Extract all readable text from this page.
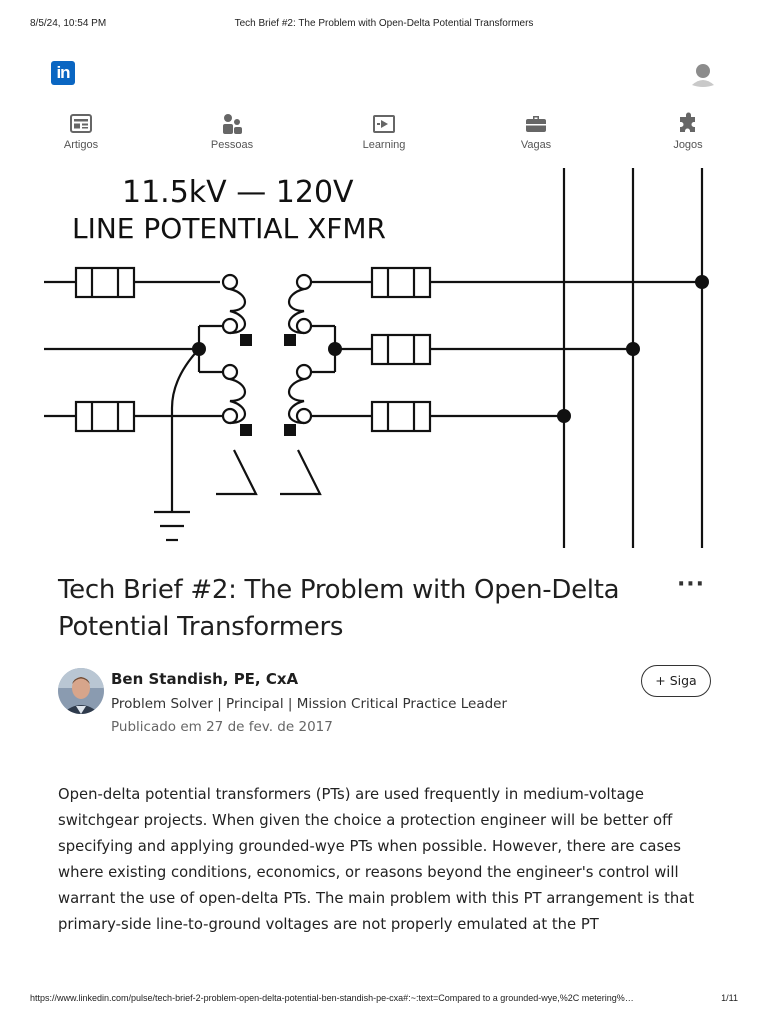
8/5/24, 10:54 PM	Tech Brief #2: The Problem with Open-Delta Potential Transformers
in
Artigos	Pessoas	Learning	Vagas	Jogos
11.5kV — 120V
LINE POTENTIAL XFMR
Tech Brief #2: The Problem with Open-Delta Potential Transformers
···
Ben Standish, PE, CxA
Problem Solver | Principal | Mission Critical Practice Leader
Publicado em 27 de fev. de 2017
+ Siga

Open-delta potential transformers (PTs) are used frequently in medium-voltage switchgear projects. When given the choice a protection engineer will be better off specifying and applying grounded-wye PTs when possible. However, there are cases where existing conditions, economics, or reasons beyond the engineer's control will warrant the use of open-delta PTs. The main problem with this PT arrangement is that primary-side line-to-ground voltages are not properly emulated at the PT

https://www.linkedin.com/pulse/tech-brief-2-problem-open-delta-potential-ben-standish-pe-cxa#:~:text=Compared to a grounded-wye,%2C metering%…	1/11
